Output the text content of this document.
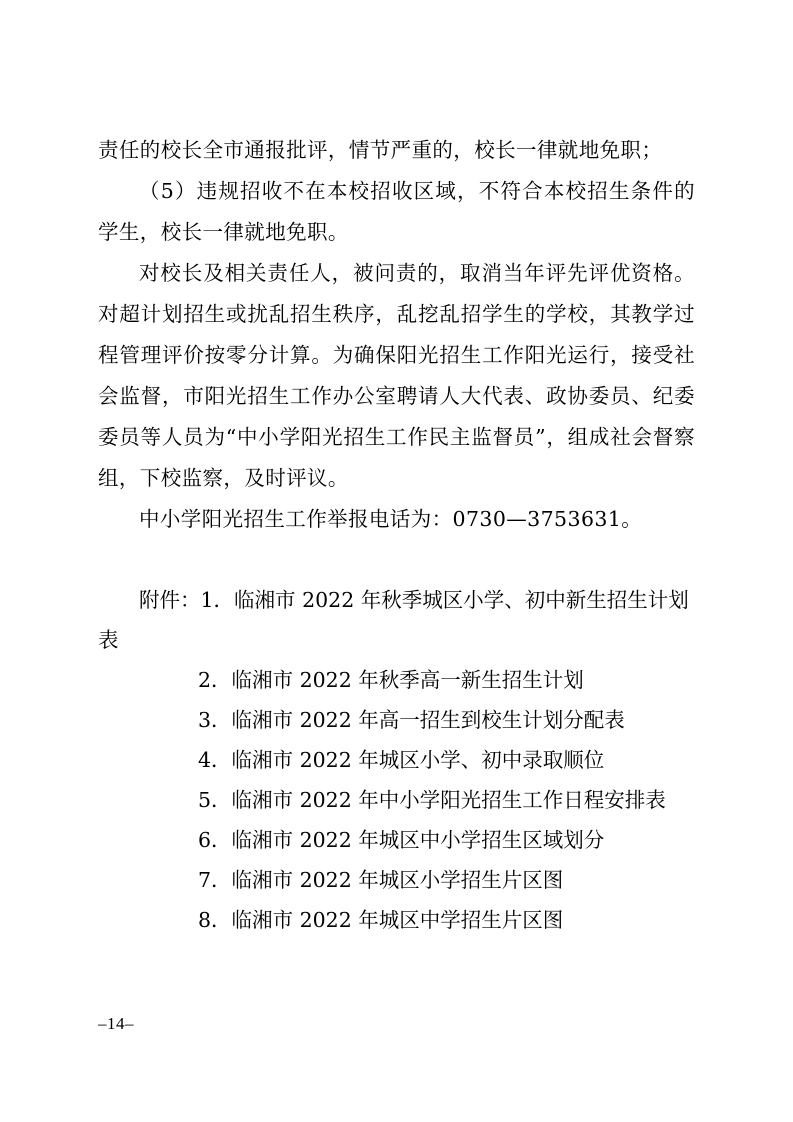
责任的校长全市通报批评，情节严重的，校长一律就地免职；

（5）违规招收不在本校招收区域，不符合本校招生条件的学生，校长一律就地免职。

对校长及相关责任人，被问责的，取消当年评先评优资格。对超计划招生或扰乱招生秩序，乱挖乱招学生的学校，其教学过程管理评价按零分计算。为确保阳光招生工作阳光运行，接受社会监督，市阳光招生工作办公室聘请人大代表、政协委员、纪委委员等人员为“中小学阳光招生工作民主监督员”，组成社会督察组，下校监察，及时评议。

中小学阳光招生工作举报电话为：0730—3753631。

附件：1．临湘市 2022 年秋季城区小学、初中新生招生计划表

2．临湘市 2022 年秋季高一新生招生计划

3．临湘市 2022 年高一招生到校生计划分配表

4．临湘市 2022 年城区小学、初中录取顺位

5．临湘市 2022 年中小学阳光招生工作日程安排表

6．临湘市 2022 年城区中小学招生区域划分

7．临湘市 2022 年城区小学招生片区图

8．临湘市 2022 年城区中学招生片区图

–14–
